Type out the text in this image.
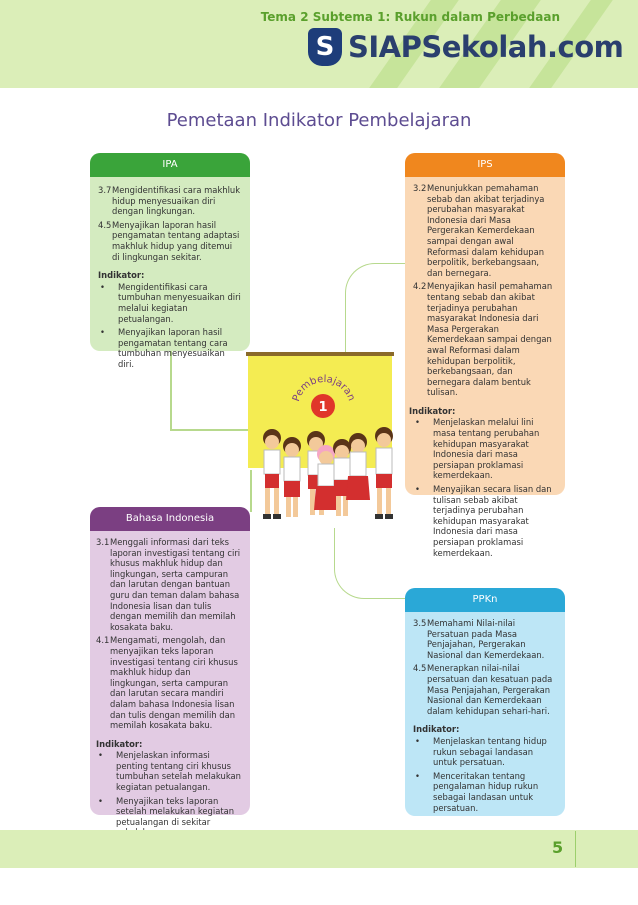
S SIAPSekolah.com
Pemetaan Indikator Pembelajaran
IPA
3.7 Mengidentifikasi cara makhluk hidup menyesuaikan diri dengan lingkungan.
4.5 Menyajikan laporan hasil pengamatan tentang adaptasi makhluk hidup yang ditemui di lingkungan sekitar.
Indikator:
•	Mengidentifikasi cara tumbuhan menyesuaikan diri melalui kegiatan petualangan.
•	Menyajikan laporan hasil pengamatan tentang cara tumbuhan menyesuaikan diri.
IPS
3.2 Menunjukkan pemahaman sebab dan akibat terjadinya perubahan masyarakat Indonesia dari Masa Pergerakan Kemerdekaan sampai dengan awal Reformasi dalam kehidupan berpolitik, berkebangsaan, dan bernegara.
4.2 Menyajikan hasil pemahaman tentang sebab dan akibat terjadinya perubahan masyarakat Indonesia dari Masa Pergerakan Kemerdekaan sampai dengan awal Reformasi dalam kehidupan berpolitik, berkebangsaan, dan bernegara dalam bentuk tulisan.
Indikator:
•	Menjelaskan melalui lini masa tentang perubahan kehidupan masyarakat Indonesia dari masa persiapan proklamasi kemerdekaan.
•	Menyajikan secara lisan dan tulisan sebab akibat terjadinya perubahan kehidupan masyarakat Indonesia dari masa persiapan proklamasi kemerdekaan.
1
Pembelajaran
Bahasa Indonesia
3.1 Menggali informasi dari teks laporan investigasi tentang ciri khusus makhluk hidup dan lingkungan, serta campuran dan larutan dengan bantuan guru dan teman dalam bahasa Indonesia lisan dan tulis dengan memilih dan memilah kosakata baku.
4.1 Mengamati, mengolah, dan menyajikan teks laporan investigasi tentang ciri khusus makhluk hidup dan lingkungan, serta campuran dan larutan secara mandiri dalam bahasa Indonesia lisan dan tulis dengan memilih dan memilah kosakata baku.
Indikator:
•	Menjelaskan informasi penting tentang ciri khusus tumbuhan setelah melakukan kegiatan petualangan.
•	Menyajikan teks laporan setelah melakukan kegiatan petualangan di sekitar
PPKn
3.5 Memahami Nilai-nilai Persatuan pada Masa Penjajahan, Pergerakan Nasional dan Kemerdekaan.
4.5 Menerapkan nilai-nilai persatuan dan kesatuan pada Masa Penjajahan, Pergerakan Nasional dan Kemerdekaan dalam kehidupan sehari-hari.
Indikator:
•	Menjelaskan tentang hidup rukun sebagai landasan untuk persatuan.
•	Menceritakan tentang pengalaman hidup rukun sebagai landasan untuk persatuan.
Tema 2 Subtema 1: Rukun dalam Perbedaan
5
